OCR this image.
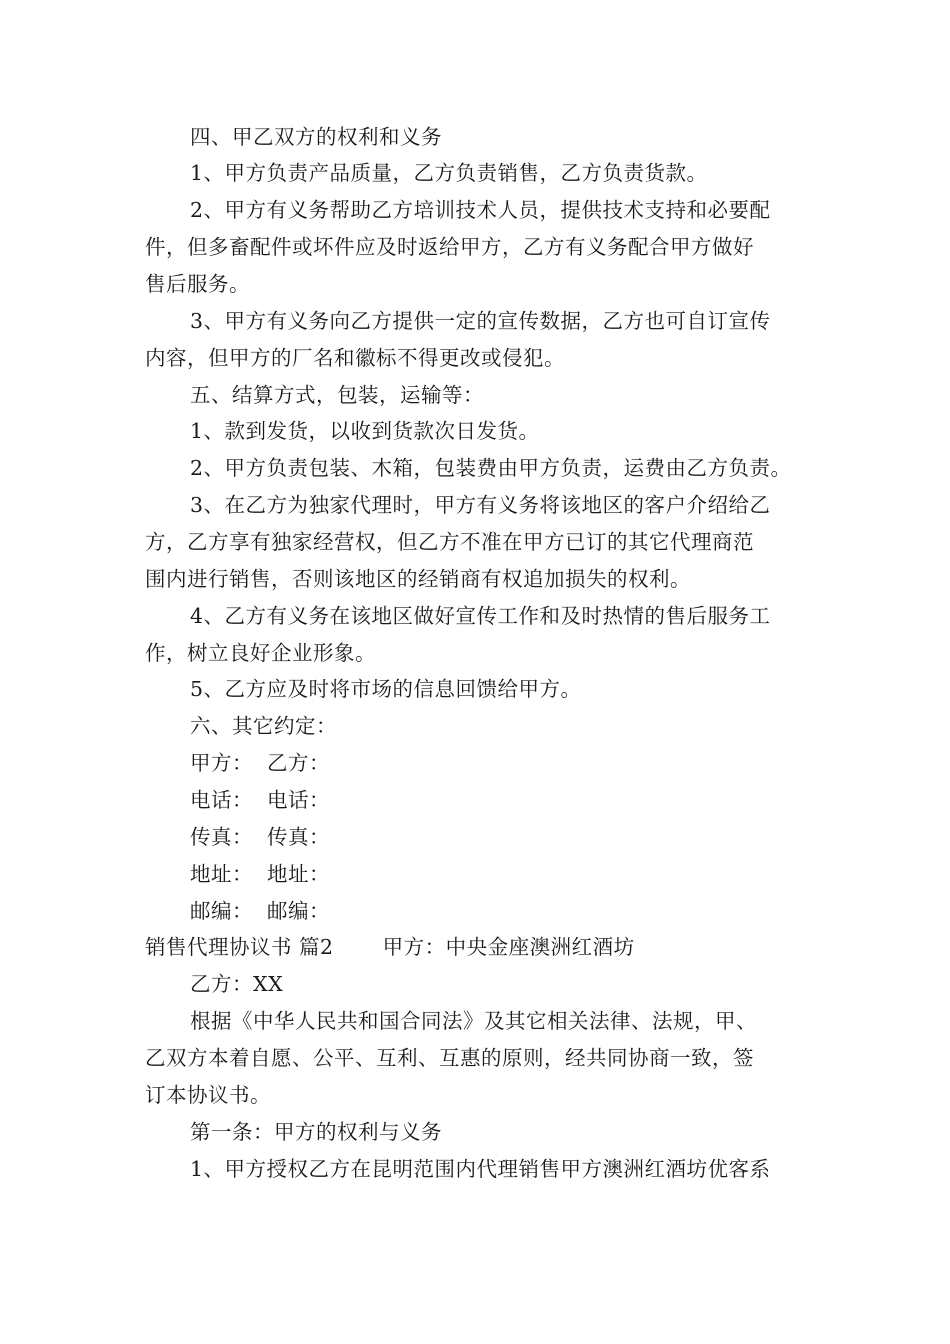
四、甲乙双方的权利和义务
1、甲方负责产品质量，乙方负责销售，乙方负责货款。
2、甲方有义务帮助乙方培训技术人员，提供技术支持和必要配
件，但多畜配件或坏件应及时返给甲方，乙方有义务配合甲方做好
售后服务。
3、甲方有义务向乙方提供一定的宣传数据，乙方也可自订宣传
内容，但甲方的厂名和徽标不得更改或侵犯。
五、结算方式，包装，运输等：
1、款到发货，以收到货款次日发货。
2、甲方负责包装、木箱，包装费由甲方负责，运费由乙方负责。
3、在乙方为独家代理时，甲方有义务将该地区的客户介绍给乙
方，乙方享有独家经营权，但乙方不准在甲方已订的其它代理商范
围内进行销售，否则该地区的经销商有权追加损失的权利。
4、乙方有义务在该地区做好宣传工作和及时热情的售后服务工
作，树立良好企业形象。
5、乙方应及时将市场的信息回馈给甲方。
六、其它约定：
甲方：  乙方：
电话：  电话：
传真：  传真：
地址：  地址：
邮编：  邮编：
销售代理协议书 篇2　　 甲方：中央金座澳洲红酒坊
乙方：XX
根据《中华人民共和国合同法》及其它相关法律、法规，甲、
乙双方本着自愿、公平、互利、互惠的原则，经共同协商一致，签
订本协议书。
第一条：甲方的权利与义务
1、甲方授权乙方在昆明范围内代理销售甲方澳洲红酒坊优客系
